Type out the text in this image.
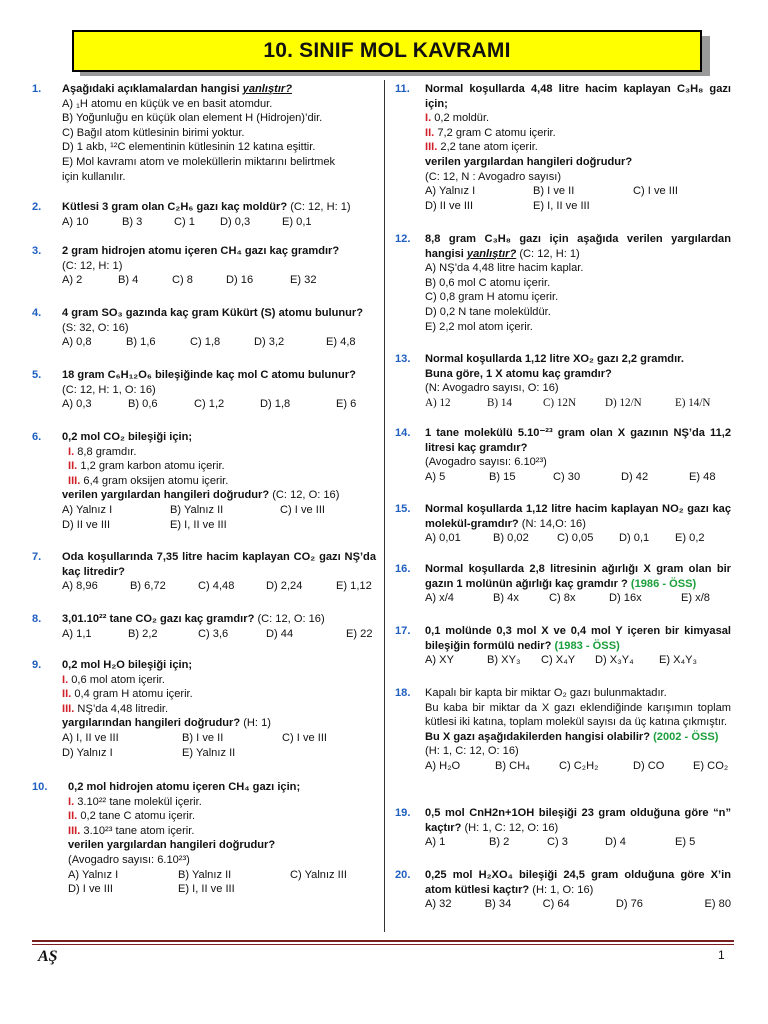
10. SINIF MOL KAVRAMI
1. Aşağıdaki açıklamalardan hangisi yanlıştır?
A) ₁H atomu en küçük ve en basit atomdur.
B) Yoğunluğu en küçük olan element H (Hidrojen)’dir.
C) Bağıl atom kütlesinin birimi yoktur.
D) 1 akb, ¹²C elementinin kütlesinin 12 katına eşittir.
E) Mol kavramı atom ve moleküllerin miktarını belirtmek
için kullanılır.
2. Kütlesi 3 gram olan C₂H₆ gazı kaç moldür? (C: 12, H: 1)
A) 10	B) 3	C) 1	D) 0,3	E) 0,1
3. 2 gram hidrojen atomu içeren CH₄ gazı kaç gramdır?
(C: 12, H: 1)
A) 2	B) 4	C) 8	D) 16	E) 32
4. 4 gram SO₃ gazında kaç gram Kükürt (S) atomu bulunur?
(S: 32, O: 16)
A) 0,8	B) 1,6	C) 1,8	D) 3,2	E) 4,8
5. 18 gram C₆H₁₂O₆ bileşiğinde kaç mol C atomu bulunur?
(C: 12, H: 1, O: 16)
A) 0,3	B) 0,6	C) 1,2	D) 1,8	E) 6
6. 0,2 mol CO₂ bileşiği için;
I. 8,8 gramdır.
II. 1,2 gram karbon atomu içerir.
III. 6,4 gram oksijen atomu içerir.
verilen yargılardan hangileri doğrudur? (C: 12, O: 16)
A) Yalnız I	B) Yalnız II	C) I ve III
D) II ve III	E) I, II ve III
7. Oda koşullarında 7,35 litre hacim kaplayan CO₂ gazı NŞ’da kaç litredir?
A) 8,96	B) 6,72	C) 4,48	D) 2,24	E) 1,12
8. 3,01.10²² tane CO₂ gazı kaç gramdır? (C: 12, O: 16)
A) 1,1	B) 2,2	C) 3,6	D) 44	E) 22
9. 0,2 mol H₂O bileşiği için;
I. 0,6 mol atom içerir.
II. 0,4 gram H atomu içerir.
III. NŞ’da 4,48 litredir.
yargılarından hangileri doğrudur? (H: 1)
A) I, II ve III	B) I ve II	C) I ve III
D) Yalnız I	E) Yalnız II
10. 0,2 mol hidrojen atomu içeren CH₄ gazı için;
I. 3.10²² tane molekül içerir.
II. 0,2 tane C atomu içerir.
III. 3.10²³ tane atom içerir.
verilen yargılardan hangileri doğrudur?
(Avogadro sayısı: 6.10²³)
A) Yalnız I	B) Yalnız II	C) Yalnız III
D) I ve III	E) I, II ve III
11. Normal koşullarda 4,48 litre hacim kaplayan C₃H₈ gazı için;
I. 0,2 moldür.
II. 7,2 gram C atomu içerir.
III. 2,2 tane atom içerir.
verilen yargılardan hangileri doğrudur?
(C: 12, N : Avogadro sayısı)
A) Yalnız I	B) I ve II	C) I ve III
D) II ve III	E) I, II ve III
12. 8,8 gram C₃H₈ gazı için aşağıda verilen yargılardan hangisi yanlıştır? (C: 12, H: 1)
A) NŞ’da 4,48 litre hacim kaplar.
B) 0,6 mol C atomu içerir.
C) 0,8 gram H atomu içerir.
D) 0,2 N tane moleküldür.
E) 2,2 mol atom içerir.
13. Normal koşullarda 1,12 litre XO₂ gazı 2,2 gramdır.
Buna göre, 1 X atomu kaç gramdır?
(N: Avogadro sayısı, O: 16)
A) 12	B) 14	C) 12N	D) 12/N	E) 14/N
14. 1 tane molekülü 5.10⁻²³ gram olan X gazının NŞ’da 11,2 litresi kaç gramdır?
(Avogadro sayısı: 6.10²³)
A) 5	B) 15	C) 30	D) 42	E) 48
15. Normal koşullarda 1,12 litre hacim kaplayan NO₂ gazı kaç molekül-gramdır? (N: 14,O: 16)
A) 0,01	B) 0,02	C) 0,05	D) 0,1	E) 0,2
16. Normal koşullarda 2,8 litresinin ağırlığı X gram olan bir gazın 1 molünün ağırlığı kaç gramdır ? (1986 - ÖSS)
A) x/4	B) 4x	C) 8x	D) 16x	E) x/8
17. 0,1 molünde 0,3 mol X ve 0,4 mol Y içeren bir kimyasal bileşiğin formülü nedir? (1983 - ÖSS)
A) XY	B) XY₃	C) X₄Y	D) X₃Y₄	E) X₄Y₃
18. Kapalı bir kapta bir miktar O₂ gazı bulunmaktadır.
Bu kaba bir miktar da X gazı eklendiğinde karışımın toplam kütlesi iki katına, toplam molekül sayısı da üç katına çıkmıştır.
Bu X gazı aşağıdakilerden hangisi olabilir? (2002 - ÖSS)
(H: 1, C: 12, O: 16)
A) H₂O	B) CH₄	C) C₂H₂	D) CO	E) CO₂
19. 0,5 mol CnH2n+1OH bileşiği 23 gram olduğuna göre “n” kaçtır? (H: 1, C: 12, O: 16)
A) 1	B) 2	C) 3	D) 4	E) 5
20. 0,25 mol H₂XO₄ bileşiği 24,5 gram olduğuna göre X’in atom kütlesi kaçtır? (H: 1, O: 16)
A) 32	B) 34	C) 64	D) 76	E) 80
AŞ	1
